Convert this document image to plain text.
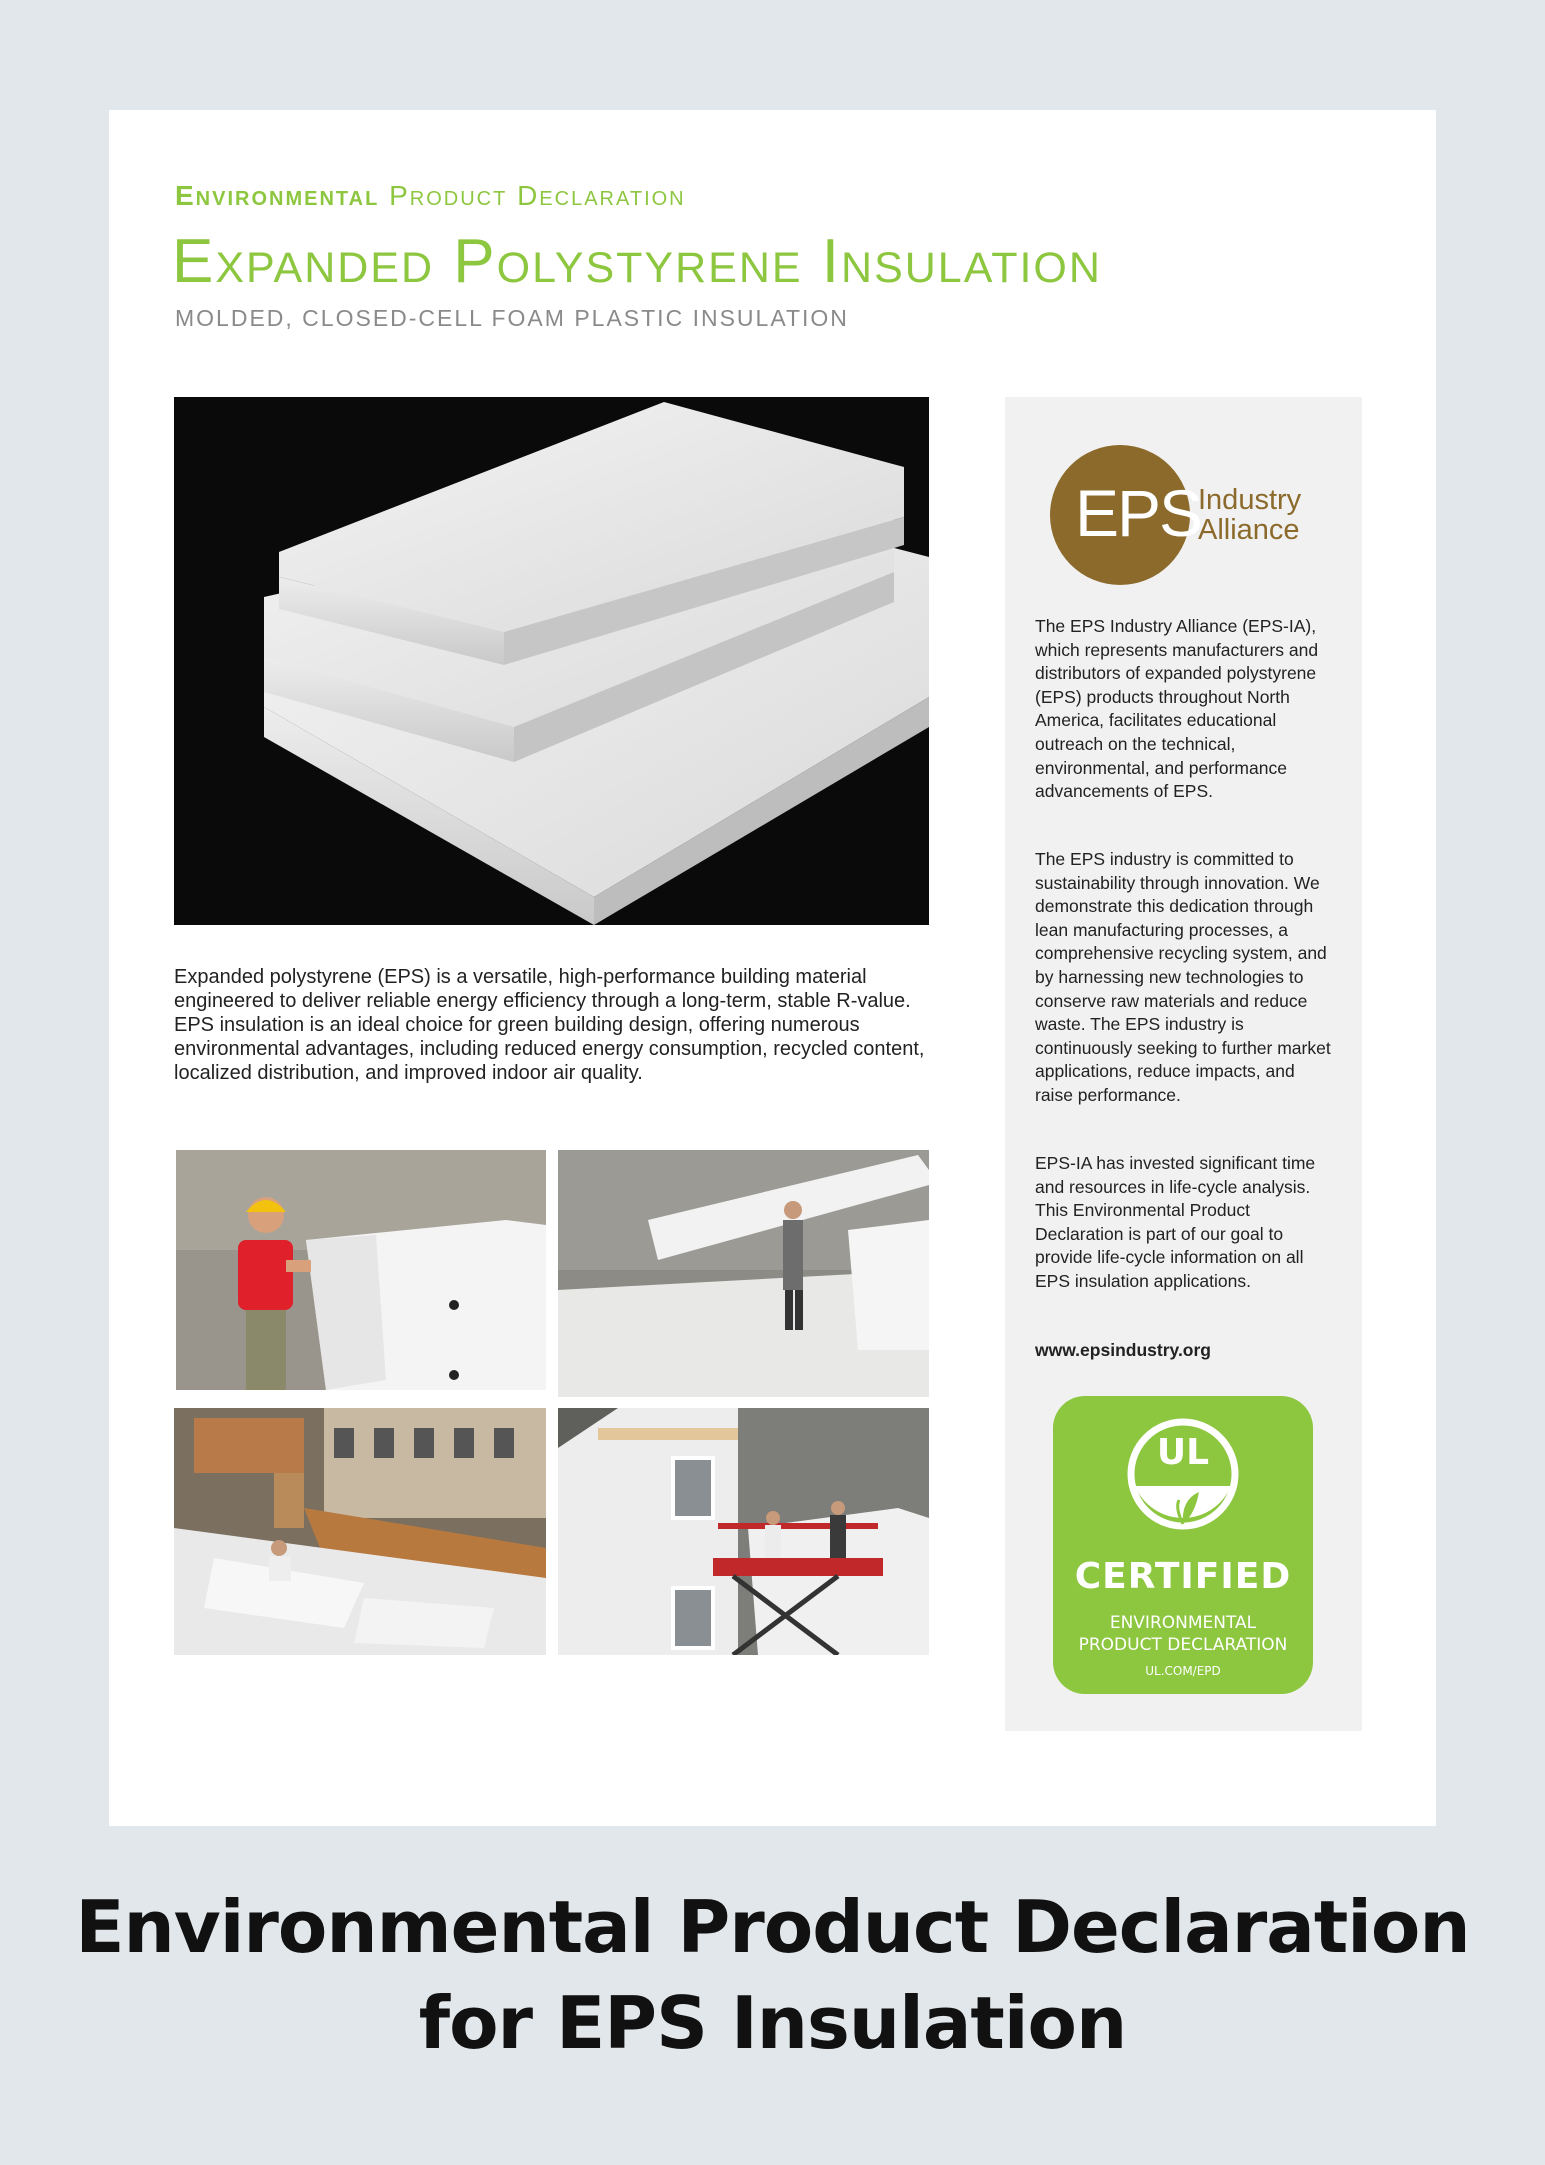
Environmental Product Declaration
Expanded Polystyrene Insulation
MOLDED, CLOSED-CELL FOAM PLASTIC INSULATION
Expanded polystyrene (EPS) is a versatile, high-performance building material engineered to deliver reliable energy efficiency through a long-term, stable R-value. EPS insulation is an ideal choice for green building design, offering numerous environmental advantages, including reduced energy consumption, recycled content, localized distribution, and improved indoor air quality.
EPS
Industry
Alliance
The EPS Industry Alliance (EPS-IA), which represents manufacturers and distributors of expanded polystyrene (EPS) products throughout North America, facilitates educational outreach on the technical, environmental, and performance advancements of EPS.
The EPS industry is committed to sustainability through innovation. We demonstrate this dedication through lean manufacturing processes, a comprehensive recycling system, and by harnessing new technologies to conserve raw materials and reduce waste. The EPS industry is continuously seeking to further market applications, reduce impacts, and raise performance.
EPS-IA has invested significant time and resources in life-cycle analysis. This Environmental Product Declaration is part of our goal to provide life-cycle information on all EPS insulation applications.
www.epsindustry.org
UL
CERTIFIED
ENVIRONMENTAL
PRODUCT DECLARATION
UL.COM/EPD
Environmental Product Declaration
for EPS Insulation
